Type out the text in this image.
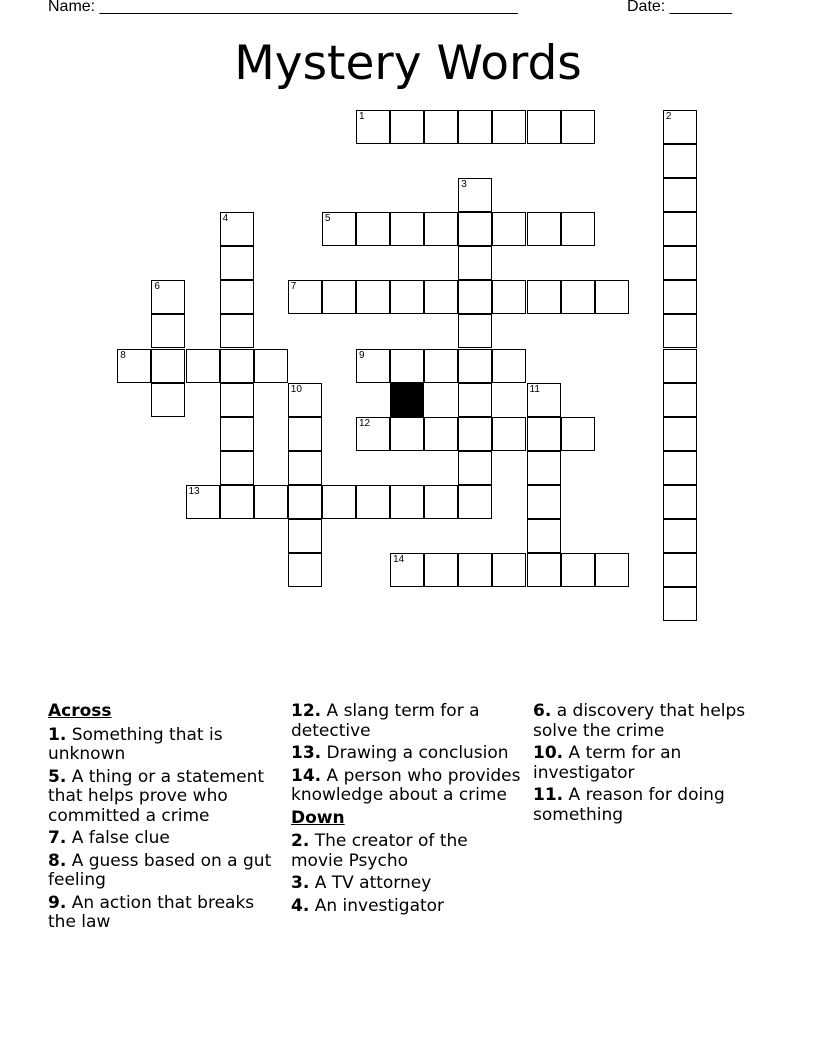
Name: _______________________________________________	Date: _______
Mystery Words
1	2
3
4	5
6	7
8	9
10	11
12
13
14
Across
1. Something that is unknown
5. A thing or a statement that helps prove who committed a crime
7. A false clue
8. A guess based on a gut feeling
9. An action that breaks the law
12. A slang term for a detective
13. Drawing a conclusion
14. A person who provides knowledge about a crime
Down
2. The creator of the movie Psycho
3. A TV attorney
4. An investigator
6. a discovery that helps solve the crime
10. A term for an investigator
11. A reason for doing something
